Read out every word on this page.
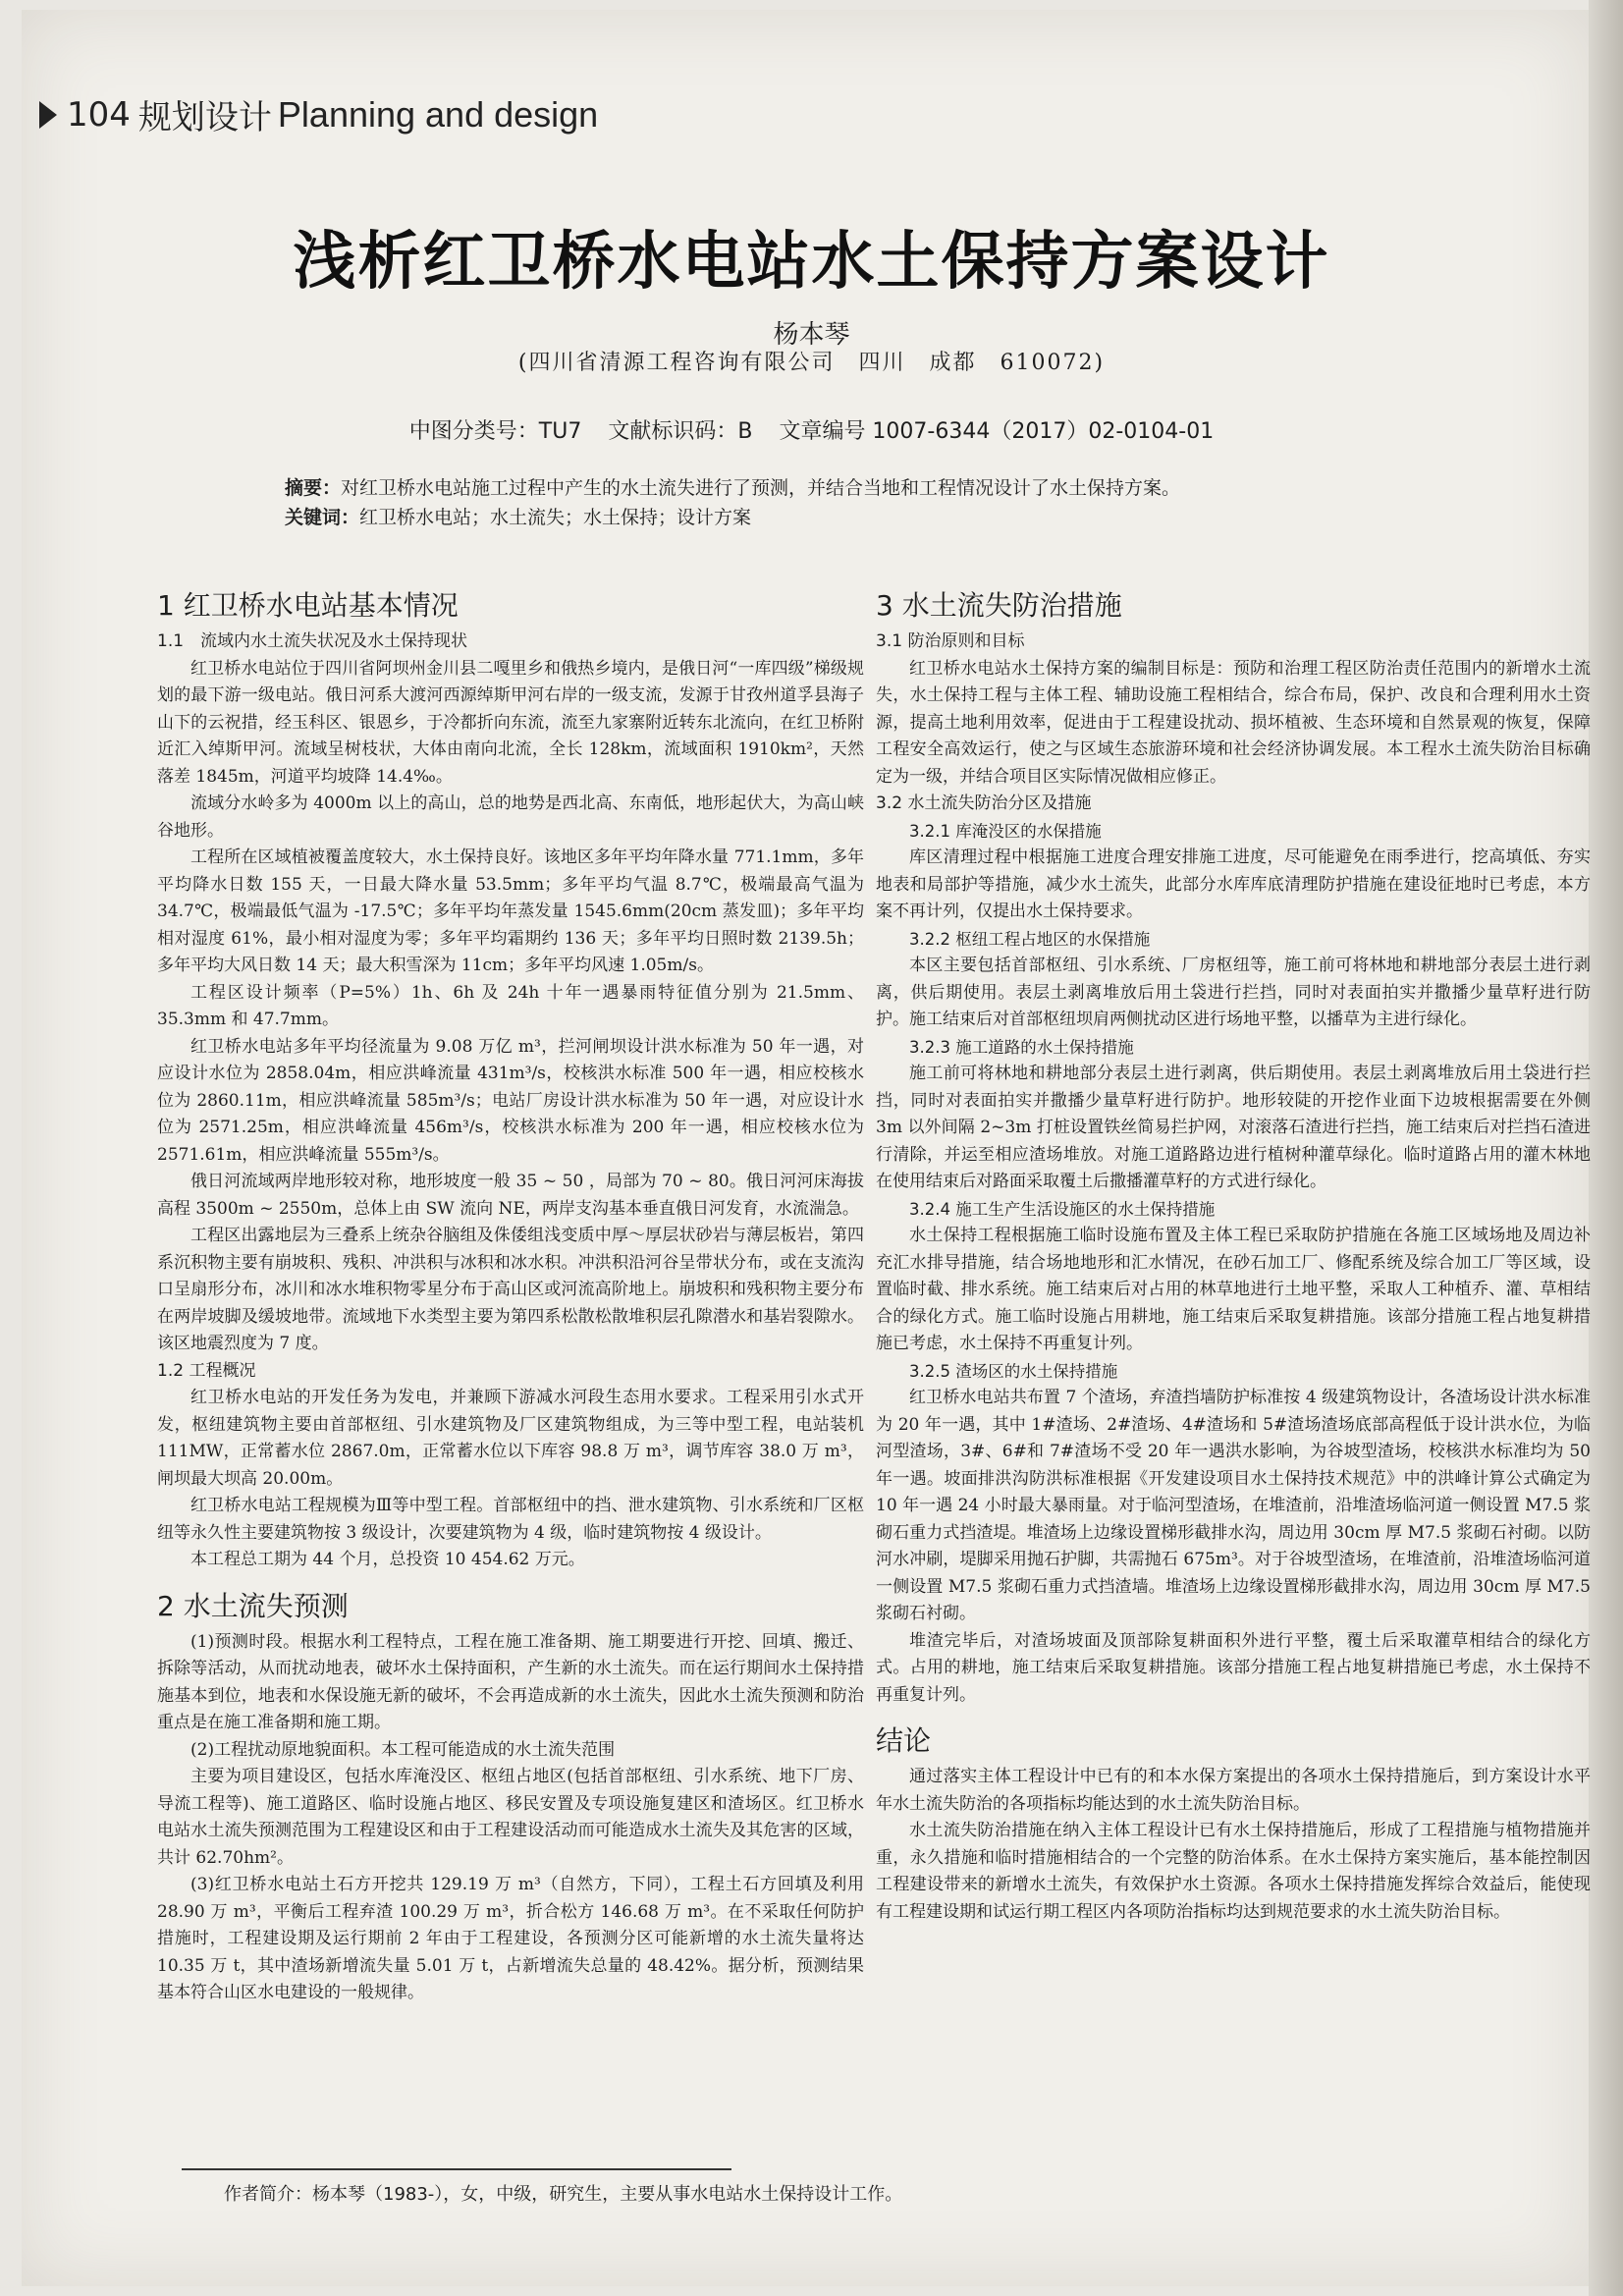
104 规划设计 Planning and design
浅析红卫桥水电站水土保持方案设计
杨本琴
(四川省清源工程咨询有限公司　四川　成都　610072)
中图分类号：TU7 文献标识码：B 文章编号 1007-6344（2017）02-0104-01
摘要：对红卫桥水电站施工过程中产生的水土流失进行了预测，并结合当地和工程情况设计了水土保持方案。
关键词：红卫桥水电站；水土流失；水土保持；设计方案
1 红卫桥水电站基本情况
1.1　流域内水土流失状况及水土保持现状

红卫桥水电站位于四川省阿坝州金川县二嘎里乡和俄热乡境内，是俄日河“一库四级”梯级规划的最下游一级电站。俄日河系大渡河西源绰斯甲河右岸的一级支流，发源于甘孜州道孚县海子山下的云祝措，经玉科区、银恩乡，于冷都折向东流，流至九家寨附近转东北流向，在红卫桥附近汇入绰斯甲河。流域呈树枝状，大体由南向北流，全长 128km，流域面积 1910km²，天然落差 1845m，河道平均坡降 14.4‰。

流域分水岭多为 4000m 以上的高山，总的地势是西北高、东南低，地形起伏大，为高山峡谷地形。

工程所在区域植被覆盖度较大，水土保持良好。该地区多年平均年降水量 771.1mm，多年平均降水日数 155 天，一日最大降水量 53.5mm；多年平均气温 8.7℃，极端最高气温为 34.7℃，极端最低气温为 -17.5℃；多年平均年蒸发量 1545.6mm(20cm 蒸发皿)；多年平均相对湿度 61%，最小相对湿度为零；多年平均霜期约 136 天；多年平均日照时数 2139.5h；多年平均大风日数 14 天；最大积雪深为 11cm；多年平均风速 1.05m/s。

工程区设计频率（P=5%）1h、6h 及 24h 十年一遇暴雨特征值分别为 21.5mm、35.3mm 和 47.7mm。

红卫桥水电站多年平均径流量为 9.08 万亿 m³，拦河闸坝设计洪水标准为 50 年一遇，对应设计水位为 2858.04m，相应洪峰流量 431m³/s，校核洪水标准 500 年一遇，相应校核水位为 2860.11m，相应洪峰流量 585m³/s；电站厂房设计洪水标准为 50 年一遇，对应设计水位为 2571.25m，相应洪峰流量 456m³/s，校核洪水标准为 200 年一遇，相应校核水位为 2571.61m，相应洪峰流量 555m³/s。

俄日河流域两岸地形较对称，地形坡度一般 35 ~ 50 ，局部为 70 ~ 80。俄日河河床海拔高程 3500m ~ 2550m，总体上由 SW 流向 NE，两岸支沟基本垂直俄日河发育，水流湍急。

工程区出露地层为三叠系上统杂谷脑组及侏倭组浅变质中厚～厚层状砂岩与薄层板岩，第四系沉积物主要有崩坡积、残积、冲洪积与冰积和冰水积。冲洪积沿河谷呈带状分布，或在支流沟口呈扇形分布，冰川和冰水堆积物零星分布于高山区或河流高阶地上。崩坡积和残积物主要分布在两岸坡脚及缓坡地带。流域地下水类型主要为第四系松散松散堆积层孔隙潜水和基岩裂隙水。该区地震烈度为 7 度。

1.2 工程概况

红卫桥水电站的开发任务为发电，并兼顾下游减水河段生态用水要求。工程采用引水式开发，枢纽建筑物主要由首部枢纽、引水建筑物及厂区建筑物组成，为三等中型工程，电站装机 111MW，正常蓄水位 2867.0m，正常蓄水位以下库容 98.8 万 m³，调节库容 38.0 万 m³，闸坝最大坝高 20.00m。

红卫桥水电站工程规模为Ⅲ等中型工程。首部枢纽中的挡、泄水建筑物、引水系统和厂区枢纽等永久性主要建筑物按 3 级设计，次要建筑物为 4 级，临时建筑物按 4 级设计。

本工程总工期为 44 个月，总投资 10 454.62 万元。

2 水土流失预测

(1)预测时段。根据水利工程特点，工程在施工准备期、施工期要进行开挖、回填、搬迁、拆除等活动，从而扰动地表，破坏水土保持面积，产生新的水土流失。而在运行期间水土保持措施基本到位，地表和水保设施无新的破坏，不会再造成新的水土流失，因此水土流失预测和防治重点是在施工准备期和施工期。

(2)工程扰动原地貌面积。本工程可能造成的水土流失范围

主要为项目建设区，包括水库淹没区、枢纽占地区(包括首部枢纽、引水系统、地下厂房、导流工程等)、施工道路区、临时设施占地区、移民安置及专项设施复建区和渣场区。红卫桥水电站水土流失预测范围为工程建设区和由于工程建设活动而可能造成水土流失及其危害的区域，共计 62.70hm²。

(3)红卫桥水电站土石方开挖共 129.19 万 m³（自然方，下同），工程土石方回填及利用 28.90 万 m³，平衡后工程弃渣 100.29 万 m³，折合松方 146.68 万 m³。在不采取任何防护措施时，工程建设期及运行期前 2 年由于工程建设，各预测分区可能新增的水土流失量将达 10.35 万 t，其中渣场新增流失量 5.01 万 t，占新增流失总量的 48.42%。据分析，预测结果基本符合山区水电建设的一般规律。

3 水土流失防治措施
3.1 防治原则和目标

红卫桥水电站水土保持方案的编制目标是：预防和治理工程区防治责任范围内的新增水土流失，水土保持工程与主体工程、辅助设施工程相结合，综合布局，保护、改良和合理利用水土资源，提高土地利用效率，促进由于工程建设扰动、损坏植被、生态环境和自然景观的恢复，保障工程安全高效运行，使之与区域生态旅游环境和社会经济协调发展。本工程水土流失防治目标确定为一级，并结合项目区实际情况做相应修正。

3.2 水土流失防治分区及措施
3.2.1 库淹没区的水保措施

库区清理过程中根据施工进度合理安排施工进度，尽可能避免在雨季进行，挖高填低、夯实地表和局部护等措施，减少水土流失，此部分水库库底清理防护措施在建设征地时已考虑，本方案不再计列，仅提出水土保持要求。

3.2.2 枢纽工程占地区的水保措施

本区主要包括首部枢纽、引水系统、厂房枢纽等，施工前可将林地和耕地部分表层土进行剥离，供后期使用。表层土剥离堆放后用土袋进行拦挡，同时对表面拍实并撒播少量草籽进行防护。施工结束后对首部枢纽坝肩两侧扰动区进行场地平整，以播草为主进行绿化。

3.2.3 施工道路的水土保持措施

施工前可将林地和耕地部分表层土进行剥离，供后期使用。表层土剥离堆放后用土袋进行拦挡，同时对表面拍实并撒播少量草籽进行防护。地形较陡的开挖作业面下边坡根据需要在外侧 3m 以外间隔 2~3m 打桩设置铁丝简易拦护网，对滚落石渣进行拦挡，施工结束后对拦挡石渣进行清除，并运至相应渣场堆放。对施工道路路边进行植树种灌草绿化。临时道路占用的灌木林地在使用结束后对路面采取覆土后撒播灌草籽的方式进行绿化。

3.2.4 施工生产生活设施区的水土保持措施

水土保持工程根据施工临时设施布置及主体工程已采取防护措施在各施工区域场地及周边补充汇水排导措施，结合场地地形和汇水情况，在砂石加工厂、修配系统及综合加工厂等区域，设置临时截、排水系统。施工结束后对占用的林草地进行土地平整，采取人工种植乔、灌、草相结合的绿化方式。施工临时设施占用耕地，施工结束后采取复耕措施。该部分措施工程占地复耕措施已考虑，水土保持不再重复计列。

3.2.5 渣场区的水土保持措施

红卫桥水电站共布置 7 个渣场，弃渣挡墙防护标准按 4 级建筑物设计，各渣场设计洪水标准为 20 年一遇，其中 1#渣场、2#渣场、4#渣场和 5#渣场渣场底部高程低于设计洪水位，为临河型渣场，3#、6#和 7#渣场不受 20 年一遇洪水影响，为谷坡型渣场，校核洪水标准均为 50 年一遇。坡面排洪沟防洪标准根据《开发建设项目水土保持技术规范》中的洪峰计算公式确定为 10 年一遇 24 小时最大暴雨量。对于临河型渣场，在堆渣前，沿堆渣场临河道一侧设置 M7.5 浆砌石重力式挡渣堤。堆渣场上边缘设置梯形截排水沟，周边用 30cm 厚 M7.5 浆砌石衬砌。以防河水冲刷，堤脚采用抛石护脚，共需抛石 675m³。对于谷坡型渣场，在堆渣前，沿堆渣场临河道一侧设置 M7.5 浆砌石重力式挡渣墙。堆渣场上边缘设置梯形截排水沟，周边用 30cm 厚 M7.5 浆砌石衬砌。

堆渣完毕后，对渣场坡面及顶部除复耕面积外进行平整，覆土后采取灌草相结合的绿化方式。占用的耕地，施工结束后采取复耕措施。该部分措施工程占地复耕措施已考虑，水土保持不再重复计列。

结论

通过落实主体工程设计中已有的和本水保方案提出的各项水土保持措施后，到方案设计水平年水土流失防治的各项指标均能达到的水土流失防治目标。

水土流失防治措施在纳入主体工程设计已有水土保持措施后，形成了工程措施与植物措施并重，永久措施和临时措施相结合的一个完整的防治体系。在水土保持方案实施后，基本能控制因工程建设带来的新增水土流失，有效保护水土资源。各项水土保持措施发挥综合效益后，能使现有工程建设期和试运行期工程区内各项防治指标均达到规范要求的水土流失防治目标。

作者简介：杨本琴（1983-），女，中级，研究生，主要从事水电站水土保持设计工作。
